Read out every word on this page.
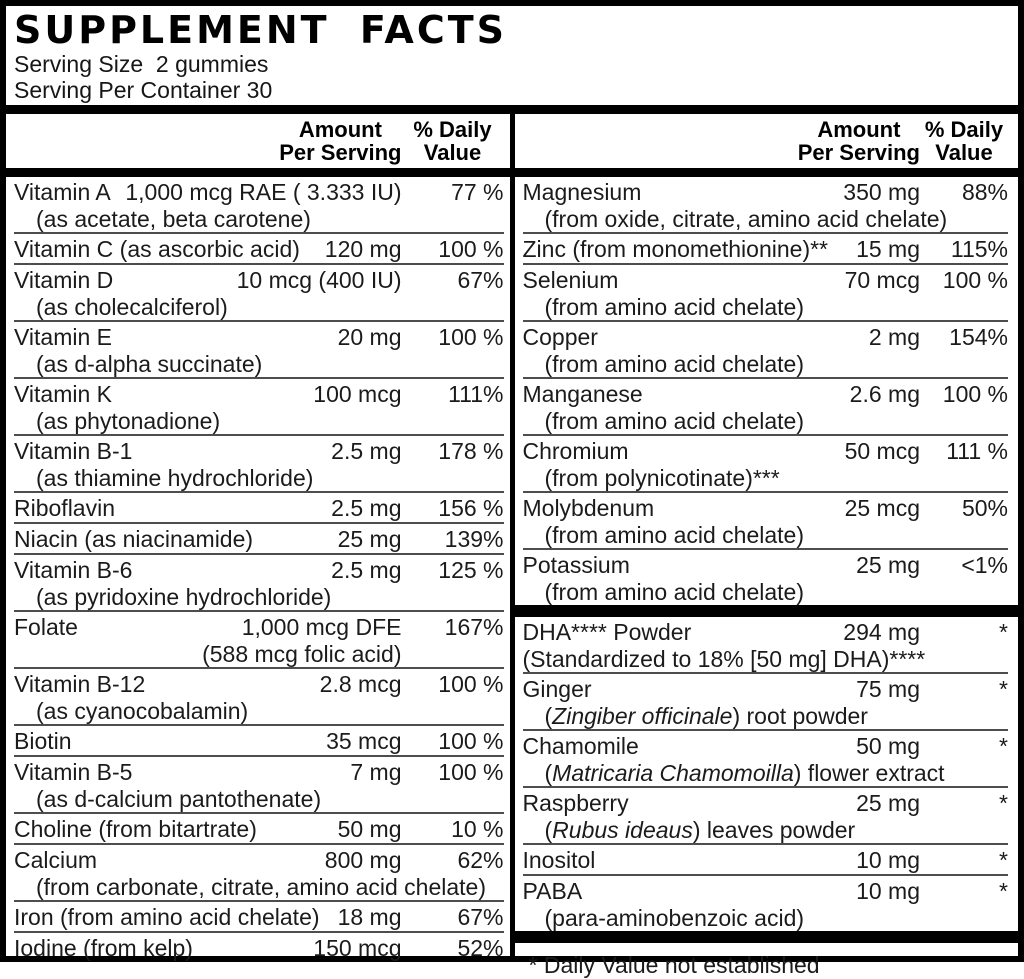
SUPPLEMENT FACTS
Serving Size  2 gummies
Serving Per Container 30
Amount
Per Serving
% Daily
Value
Amount
Per Serving
% Daily
Value
Vitamin A 1,000 mcg RAE ( 3.333 IU)	77 %
(as acetate, beta carotene)
Vitamin C (as ascorbic acid) 120 mg	100 %
Vitamin D	10 mcg (400 IU)	67%
(as cholecalciferol)
Vitamin E	20 mg	100 %
(as d-alpha succinate)
Vitamin K	100 mcg	111%
(as phytonadione)
Vitamin B-1	2.5 mg	178 %
(as thiamine hydrochloride)
Riboflavin	2.5 mg	156 %
Niacin (as niacinamide)	25 mg	139%
Vitamin B-6	2.5 mg	125 %
(as pyridoxine hydrochloride)
Folate	1,000 mcg DFE	167%
(588 mcg folic acid)
Vitamin B-12	2.8 mcg	100 %
(as cyanocobalamin)
Biotin	35 mcg	100 %
Vitamin B-5	7 mg	100 %
(as d-calcium pantothenate)
Choline (from bitartrate)	50 mg	10 %
Calcium	800 mg	62%
(from carbonate, citrate, amino acid chelate)
Iron (from amino acid chelate) 18 mg	67%
Iodine (from kelp)	150 mcg	52%
Magnesium	350 mg	88%
(from oxide, citrate, amino acid chelate)
Zinc (from monomethionine)** 15 mg	115%
Selenium	70 mcg 100 %
(from amino acid chelate)
Copper	2 mg	154%
(from amino acid chelate)
Manganese	2.6 mg 100 %
(from amino acid chelate)
Chromium	50 mcg	111 %
(from polynicotinate)***
Molybdenum	25 mcg	50%
(from amino acid chelate)
Potassium	25 mg	<1%
(from amino acid chelate)
DHA**** Powder	294 mg	*
(Standardized to 18% [50 mg] DHA)****
Ginger	75 mg	*
(Zingiber officinale) root powder
Chamomile	50 mg	*
(Matricaria Chamomoilla) flower extract
Raspberry	25 mg	*
(Rubus ideaus) leaves powder
Inositol	10 mg	*
PABA	10 mg	*
(para-aminobenzoic acid)
* Daily Value not established
